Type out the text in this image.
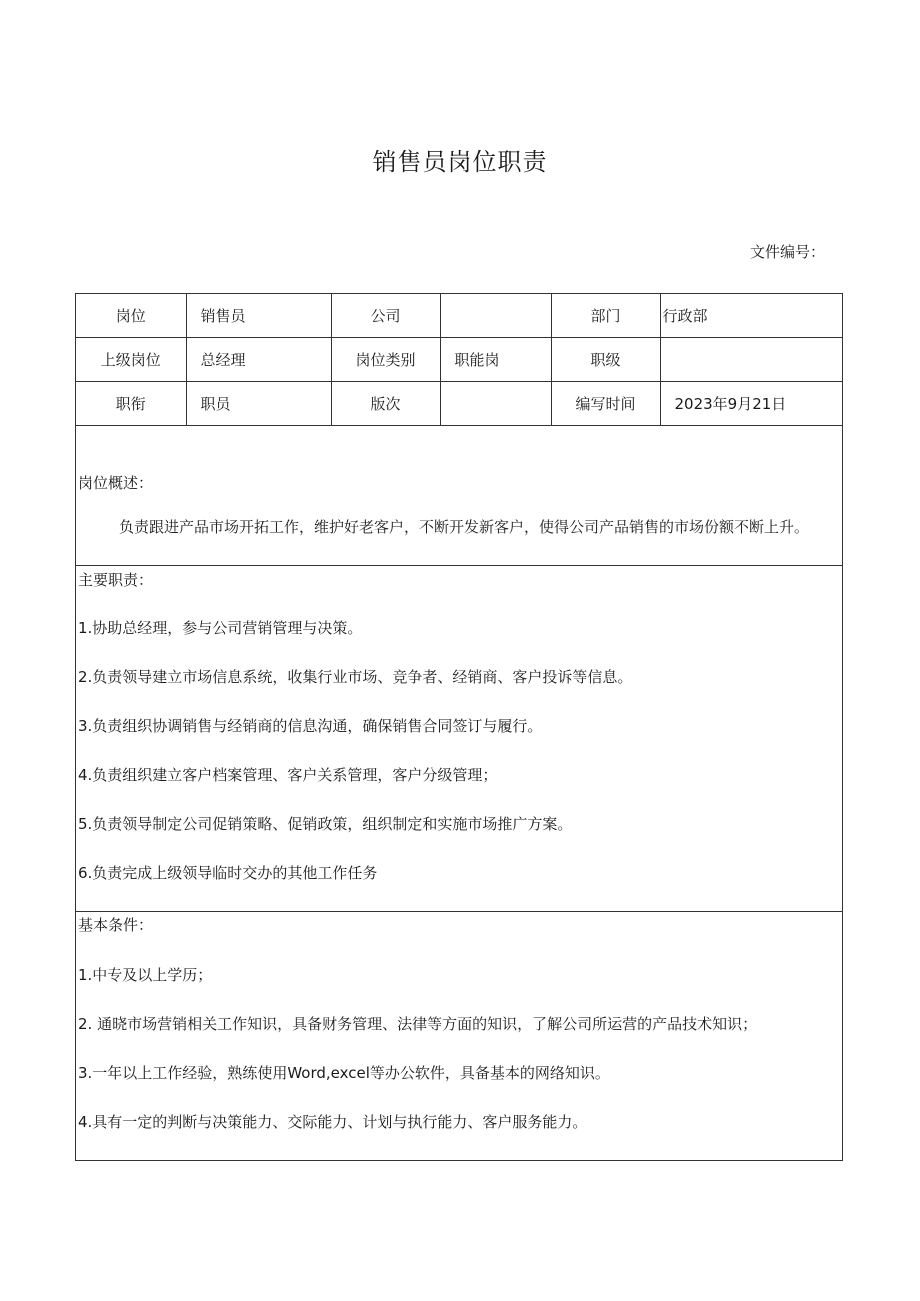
销售员岗位职责
文件编号：
岗位	销售员	公司		部门	行政部
上级岗位	总经理	岗位类别	职能岗	职级	
职衔	职员	版次		编写时间	2023年9月21日
岗位概述：
负责跟进产品市场开拓工作，维护好老客户，不断开发新客户，使得公司产品销售的市场份额不断上升。
主要职责：
1.协助总经理，参与公司营销管理与决策。
2.负责领导建立市场信息系统，收集行业市场、竞争者、经销商、客户投诉等信息。
3.负责组织协调销售与经销商的信息沟通，确保销售合同签订与履行。
4.负责组织建立客户档案管理、客户关系管理，客户分级管理；
5.负责领导制定公司促销策略、促销政策，组织制定和实施市场推广方案。
6.负责完成上级领导临时交办的其他工作任务
基本条件：
1.中专及以上学历；
2. 通晓市场营销相关工作知识，具备财务管理、法律等方面的知识，了解公司所运营的产品技术知识；
3.一年以上工作经验，熟练使用Word,excel等办公软件，具备基本的网络知识。
4.具有一定的判断与决策能力、交际能力、计划与执行能力、客户服务能力。
